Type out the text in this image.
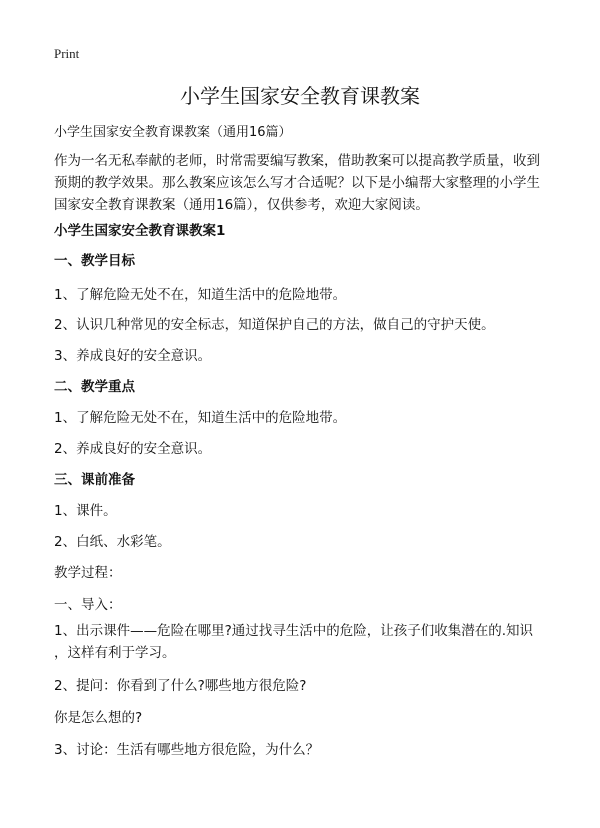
Print
小学生国家安全教育课教案
小学生国家安全教育课教案（通用16篇）
作为一名无私奉献的老师，时常需要编写教案，借助教案可以提高教学质量，收到
预期的教学效果。那么教案应该怎么写才合适呢？以下是小编帮大家整理的小学生
国家安全教育课教案（通用16篇），仅供参考，欢迎大家阅读。
小学生国家安全教育课教案1
一、教学目标
1、了解危险无处不在，知道生活中的危险地带。
2、认识几种常见的安全标志，知道保护自己的方法，做自己的守护天使。
3、养成良好的安全意识。
二、教学重点
1、了解危险无处不在，知道生活中的危险地带。
2、养成良好的安全意识。
三、课前准备
1、课件。
2、白纸、水彩笔。
教学过程：
一、导入：
1、出示课件——危险在哪里?通过找寻生活中的危险，让孩子们收集潜在的.知识
，这样有利于学习。
2、提问：你看到了什么?哪些地方很危险?
你是怎么想的?
3、讨论：生活有哪些地方很危险，为什么？
